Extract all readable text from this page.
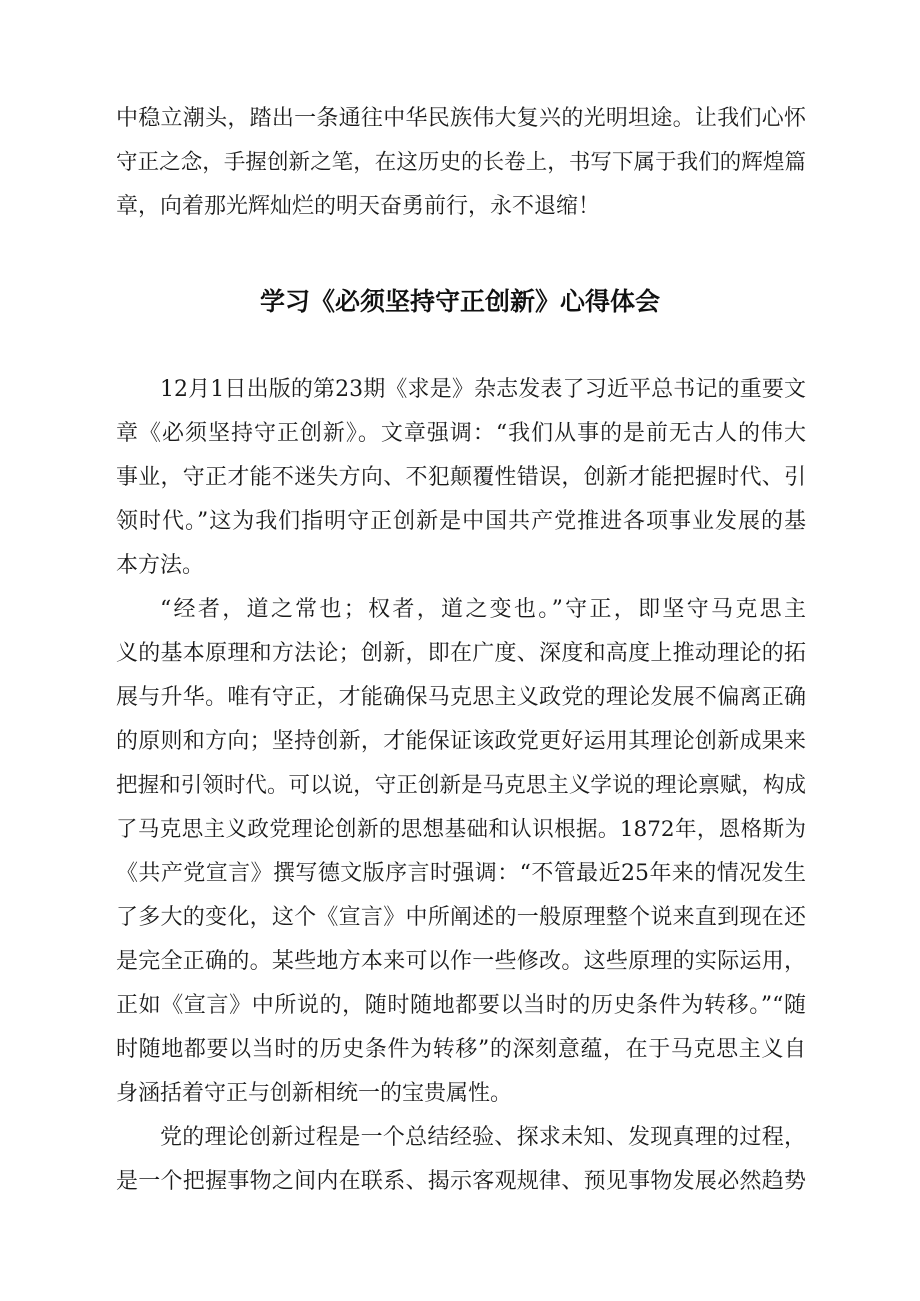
中稳立潮头，踏出一条通往中华民族伟大复兴的光明坦途。让我们心怀
守正之念，手握创新之笔，在这历史的长卷上，书写下属于我们的辉煌篇
章，向着那光辉灿烂的明天奋勇前行，永不退缩！
学习《必须坚持守正创新》心得体会
12月1日出版的第23期《求是》杂志发表了习近平总书记的重要文
章《必须坚持守正创新》。文章强调：“我们从事的是前无古人的伟大
事业，守正才能不迷失方向、不犯颠覆性错误，创新才能把握时代、引
领时代。”这为我们指明守正创新是中国共产党推进各项事业发展的基
本方法。
“经者，道之常也；权者，道之变也。”守正，即坚守马克思主
义的基本原理和方法论；创新，即在广度、深度和高度上推动理论的拓
展与升华。唯有守正，才能确保马克思主义政党的理论发展不偏离正确
的原则和方向；坚持创新，才能保证该政党更好运用其理论创新成果来
把握和引领时代。可以说，守正创新是马克思主义学说的理论禀赋，构成
了马克思主义政党理论创新的思想基础和认识根据。1872年，恩格斯为
《共产党宣言》撰写德文版序言时强调：“不管最近25年来的情况发生
了多大的变化，这个《宣言》中所阐述的一般原理整个说来直到现在还
是完全正确的。某些地方本来可以作一些修改。这些原理的实际运用，
正如《宣言》中所说的，随时随地都要以当时的历史条件为转移。”“随
时随地都要以当时的历史条件为转移”的深刻意蕴，在于马克思主义自
身涵括着守正与创新相统一的宝贵属性。
党的理论创新过程是一个总结经验、探求未知、发现真理的过程，
是一个把握事物之间内在联系、揭示客观规律、预见事物发展必然趋势
